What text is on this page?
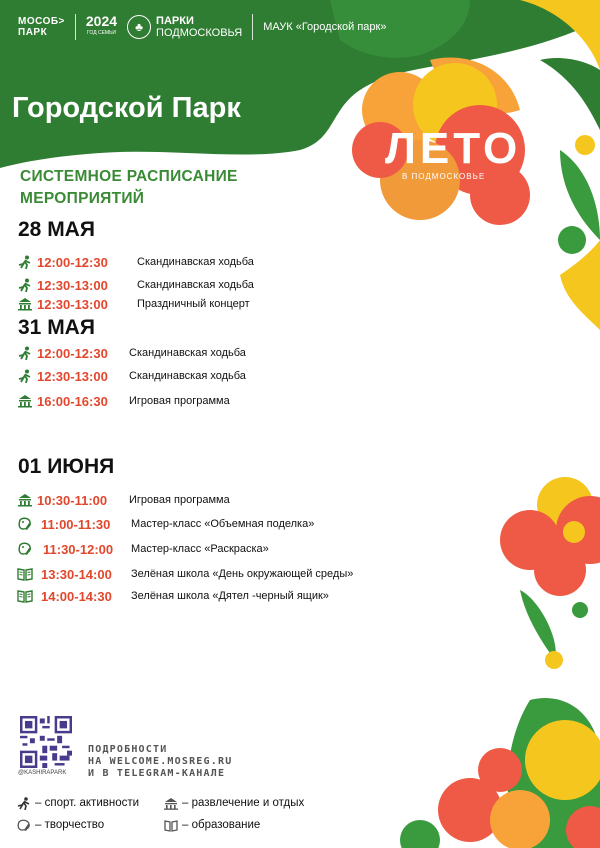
МОСОБ>
ПАРК
2024
ГОД СЕМЬИ	♣	ПАРКИ
ПОДМОСКОВЬЯ МАУК «Городской парк»
Городской Парк
ЛЕТО
В ПОДМОСКОВЬЕ
СИСТЕМНОЕ РАСПИСАНИЕ
МЕРОПРИЯТИЙ
28 МАЯ
12:00-12:30	Скандинавская ходьба
12:30-13:00	Скандинавская ходьба
12:30-13:00	Праздничный концерт
31 МАЯ
12:00-12:30 Скандинавская ходьба
12:30-13:00 Скандинавская ходьба
16:00-16:30 Игровая программа
01 ИЮНЯ
10:30-11:00 Игровая программа
11:00-11:30 Мастер-класс «Объемная поделка»
11:30-12:00 Мастер-класс «Раскраска»
13:30-14:00 Зелёная школа «День окружающей среды»
14:00-14:30 Зелёная школа «Дятел -черный ящик»
@KASHIRAPARK
ПОДРОБНОСТИ
НА WELCOME.MOSREG.RU
И В TELEGRAM-КАНАЛЕ
– спорт. активности	– развлечение и отдых
– творчество	– образование
